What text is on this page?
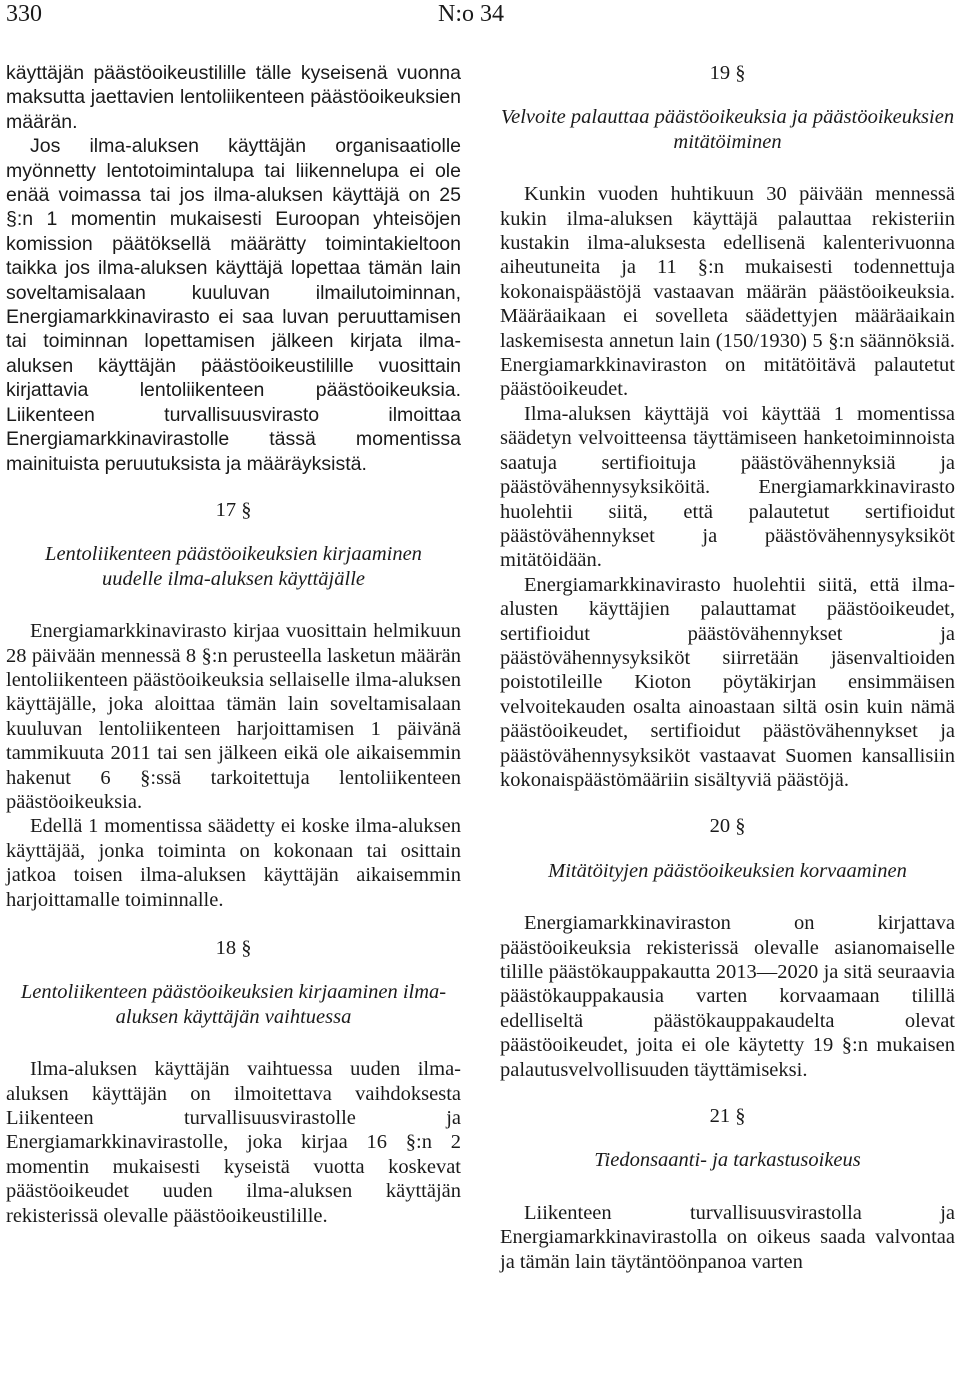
330	N:o 34

käyttäjän päästöoikeustilille tälle kyseisenä vuonna maksutta jaettavien lentoliikenteen päästöoikeuksien määrän.

Jos ilma-aluksen käyttäjän organisaatiolle myönnetty lentotoimintalupa tai liikennelupa ei ole enää voimassa tai jos ilma-aluksen käyttäjä on 25 §:n 1 momentin mukaisesti Euroopan yhteisöjen komission päätöksellä määrätty toimintakieltoon taikka jos ilma-aluksen käyttäjä lopettaa tämän lain soveltamisalaan kuuluvan ilmailutoiminnan, Energiamarkkinavirasto ei saa luvan peruuttamisen tai toiminnan lopettamisen jälkeen kirjata ilma-aluksen käyttäjän päästöoikeustilille vuosittain kirjattavia lentoliikenteen päästöoikeuksia. Liikenteen turvallisuusvirasto ilmoittaa Energiamarkkinavirastolle tässä momentissa mainituista peruutuksista ja määräyksistä.

17 §

Lentoliikenteen päästöoikeuksien kirjaaminen uudelle ilma-aluksen käyttäjälle

Energiamarkkinavirasto kirjaa vuosittain helmikuun 28 päivään mennessä 8 §:n perusteella lasketun määrän lentoliikenteen päästöoikeuksia sellaiselle ilma-aluksen käyttäjälle, joka aloittaa tämän lain soveltamisalaan kuuluvan lentoliikenteen harjoittamisen 1 päivänä tammikuuta 2011 tai sen jälkeen eikä ole aikaisemmin hakenut 6 §:ssä tarkoitettuja lentoliikenteen päästöoikeuksia.

Edellä 1 momentissa säädetty ei koske ilma-aluksen käyttäjää, jonka toiminta on kokonaan tai osittain jatkoa toisen ilma-aluksen käyttäjän aikaisemmin harjoittamalle toiminnalle.

18 §

Lentoliikenteen päästöoikeuksien kirjaaminen ilma-aluksen käyttäjän vaihtuessa

Ilma-aluksen käyttäjän vaihtuessa uuden ilma-aluksen käyttäjän on ilmoitettava vaihdoksesta Liikenteen turvallisuusvirastolle ja Energiamarkkinavirastolle, joka kirjaa 16 §:n 2 momentin mukaisesti kyseistä vuotta koskevat päästöoikeudet uuden ilma-aluksen käyttäjän rekisterissä olevalle päästöoikeustilille.

19 §

Velvoite palauttaa päästöoikeuksia ja päästöoikeuksien mitätöiminen

Kunkin vuoden huhtikuun 30 päivään mennessä kukin ilma-aluksen käyttäjä palauttaa rekisteriin kustakin ilma-aluksesta edellisenä kalenterivuonna aiheutuneita ja 11 §:n mukaisesti todennettuja kokonaispäästöjä vastaavan määrän päästöoikeuksia. Määräaikaan ei sovelleta säädettyjen määräaikain laskemisesta annetun lain (150/1930) 5 §:n säännöksiä. Energiamarkkinaviraston on mitätöitävä palautetut päästöoikeudet.

Ilma-aluksen käyttäjä voi käyttää 1 momentissa säädetyn velvoitteensa täyttämiseen hanketoiminnoista saatuja sertifioituja päästövähennyksiä ja päästövähennysyksiköitä. Energiamarkkinavirasto huolehtii siitä, että palautetut sertifioidut päästövähennykset ja päästövähennysyksiköt mitätöidään.

Energiamarkkinavirasto huolehtii siitä, että ilma-alusten käyttäjien palauttamat päästöoikeudet, sertifioidut päästövähennykset ja päästövähennysyksiköt siirretään jäsenvaltioiden poistotileille Kioton pöytäkirjan ensimmäisen velvoitekauden osalta ainoastaan siltä osin kuin nämä päästöoikeudet, sertifioidut päästövähennykset ja päästövähennysyksiköt vastaavat Suomen kansallisiin kokonaispäästömääriin sisältyviä päästöjä.

20 §

Mitätöityjen päästöoikeuksien korvaaminen

Energiamarkkinaviraston on kirjattava päästöoikeuksia rekisterissä olevalle asianomaiselle tilille päästökauppakautta 2013—2020 ja sitä seuraavia päästökauppakausia varten korvaamaan tilillä edelliseltä päästökauppakaudelta olevat päästöoikeudet, joita ei ole käytetty 19 §:n mukaisen palautusvelvollisuuden täyttämiseksi.

21 §

Tiedonsaanti- ja tarkastusoikeus

Liikenteen turvallisuusvirastolla ja Energiamarkkinavirastolla on oikeus saada valvontaa ja tämän lain täytäntöönpanoa varten
